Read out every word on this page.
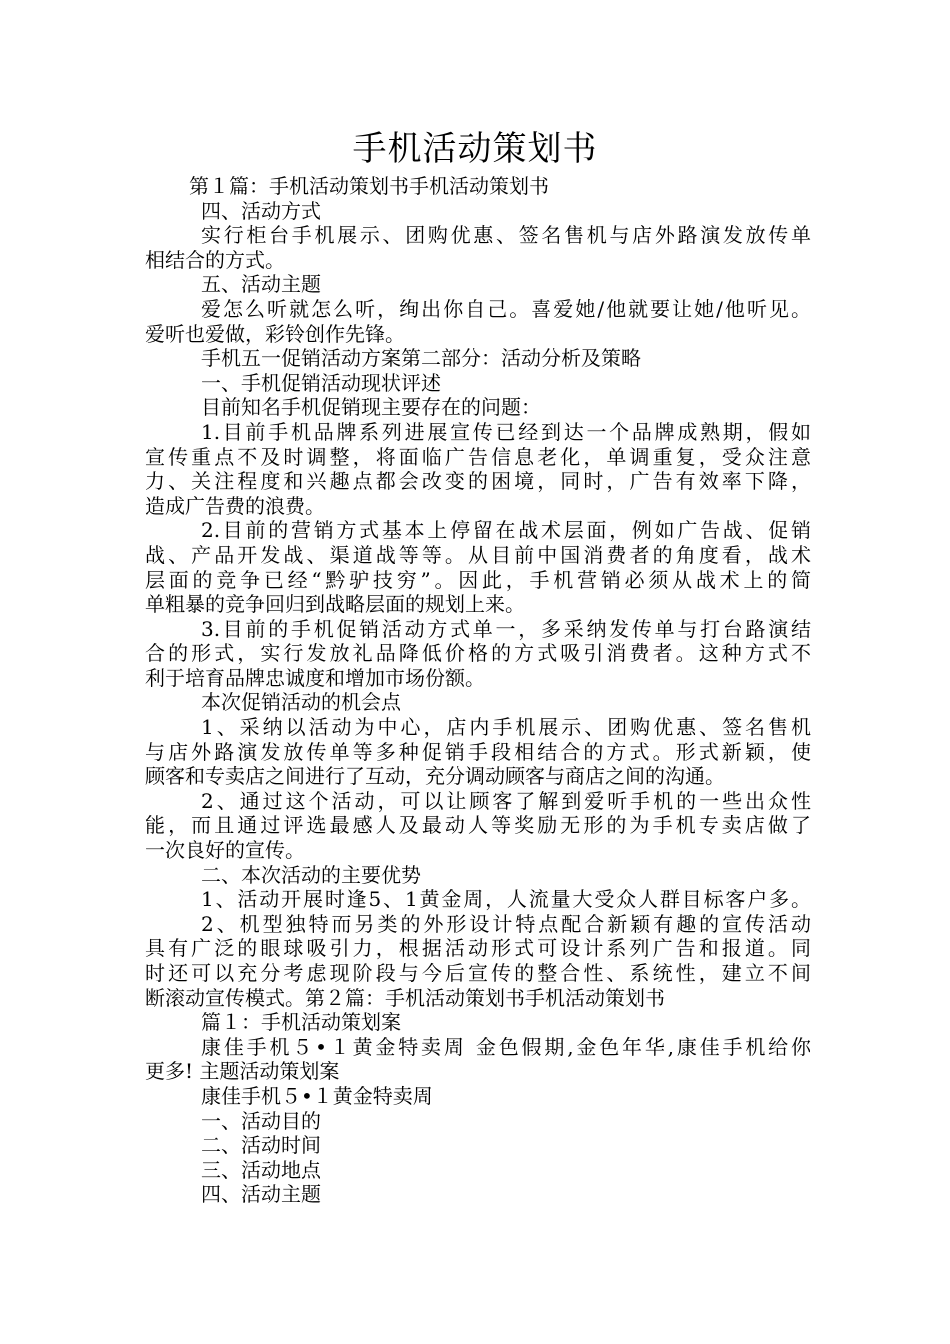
手机活动策划书
第１篇：手机活动策划书手机活动策划书
四、活动方式
实行柜台手机展示、团购优惠、签名售机与店外路演发放传单
相结合的方式。
五、活动主题
爱怎么听就怎么听，绚出你自己。喜爱她/他就要让她/他听见。
爱听也爱做，彩铃创作先锋。
手机五一促销活动方案第二部分：活动分析及策略
一、手机促销活动现状评述
目前知名手机促销现主要存在的问题：
1.目前手机品牌系列进展宣传已经到达一个品牌成熟期，假如
宣传重点不及时调整，将面临广告信息老化，单调重复，受众注意
力、关注程度和兴趣点都会改变的困境，同时，广告有效率下降，
造成广告费的浪费。
2.目前的营销方式基本上停留在战术层面，例如广告战、促销
战、产品开发战、渠道战等等。从目前中国消费者的角度看，战术
层面的竞争已经“黔驴技穷”。因此，手机营销必须从战术上的简
单粗暴的竞争回归到战略层面的规划上来。
3.目前的手机促销活动方式单一，多采纳发传单与打台路演结
合的形式，实行发放礼品降低价格的方式吸引消费者。这种方式不
利于培育品牌忠诚度和增加市场份额。
本次促销活动的机会点
1、采纳以活动为中心，店内手机展示、团购优惠、签名售机
与店外路演发放传单等多种促销手段相结合的方式。形式新颖，使
顾客和专卖店之间进行了互动，充分调动顾客与商店之间的沟通。
2、通过这个活动，可以让顾客了解到爱听手机的一些出众性
能，而且通过评选最感人及最动人等奖励无形的为手机专卖店做了
一次良好的宣传。
二、本次活动的主要优势
1、活动开展时逢5、1黄金周，人流量大受众人群目标客户多。
2、机型独特而另类的外形设计特点配合新颖有趣的宣传活动
具有广泛的眼球吸引力，根据活动形式可设计系列广告和报道。同
时还可以充分考虑现阶段与今后宣传的整合性、系统性，建立不间
断滚动宣传模式。第２篇：手机活动策划书手机活动策划书
篇１：手机活动策划案
康佳手机５•１黄金特卖周 金色假期,金色年华,康佳手机给你
更多! 主题活动策划案
康佳手机５•１黄金特卖周
一、活动目的
二、活动时间
三、活动地点
四、活动主题
